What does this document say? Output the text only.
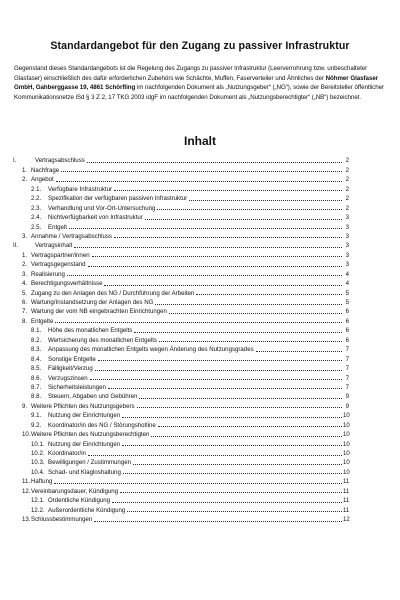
Standardangebot für den Zugang zu passiver Infrastruktur
Gegenstand dieses Standardangebots ist die Regelung des Zugangs zu passiver Infrastruktur (Leerverrohrung bzw. unbeschalteter Glasfaser) einschließlich des dafür erforderlichen Zubehörs wie Schächte, Muffen, Faserverteiler und Ähnliches der Nöhmer Glasfaser GmbH, Gahberggasse 19, 4861 Schörfling im nachfolgenden Dokument als „Nutzungsgeber“ („NG“), sowie der Bereitsteller öffentlicher Kommunikationsnetze iSd § 3 Z 2, 17 TKG 2003 idgF im nachfolgenden Dokument als „Nutzungsberechtigter“ („NB“) bezeichnet.
Inhalt
I.	Vertragsabschluss	2
1. Nachfrage	2
2. Angebot	2
2.1.	Verfügbare Infrastruktur	2
2.2.	Spezifikation der verfügbaren passiven Infrastruktur	2
2.3.	Verhandlung und Vor-Ort-Untersuchung	2
2.4.	Nichtverfügbarkeit von Infrastruktur	3
2.5.	Entgelt	3
3. Annahme / Vertragsabschluss	3
II.	Vertragsinhalt	3
1. Vertragspartner/innen	3
2. Vertragsgegenstand	3
3. Realisierung	4
4. Berechtigungsverhältnisse	4
5. Zugang zu den Anlagen des NG / Durchführung der Arbeiten	5
6. Wartung/Instandsetzung der Anlagen des NG	5
7. Wartung der vom NB eingebrachten Einrichtungen	6
8. Entgelte	6
8.1.	Höhe des monatlichen Entgelts	6
8.2.	Wertsicherung des monatlichen Entgelts	6
8.3.	Anpassung des monatlichen Entgelts wegen Änderung des Nutzungsgrades	7
8.4.	Sonstige Entgelte	7
8.5.	Fälligkeit/Verzug	7
8.6.	Verzugszinsen	7
8.7.	Sicherheitsleistungen	7
8.8.	Steuern, Abgaben und Gebühren	9
9. Weitere Pflichten des Nutzungsgebers	9
9.1.	Nutzung der Einrichtungen	10
9.2.	Koordinator/in des NG / Störungshotline	10
10. Weitere Pflichten des Nutzungsberechtigten	10
10.1. Nutzung der Einrichtungen	10
10.2. Koordinator/in	10
10.3. Bewilligungen / Zustimmungen	10
10.4. Schad- und Klagloshaltung	10
11. Haftung	11
12. Vereinbarungsdauer, Kündigung	11
12.1. Ordentliche Kündigung	11
12.2. Außerordentliche Kündigung	11
13. Schlussbestimmungen	12
